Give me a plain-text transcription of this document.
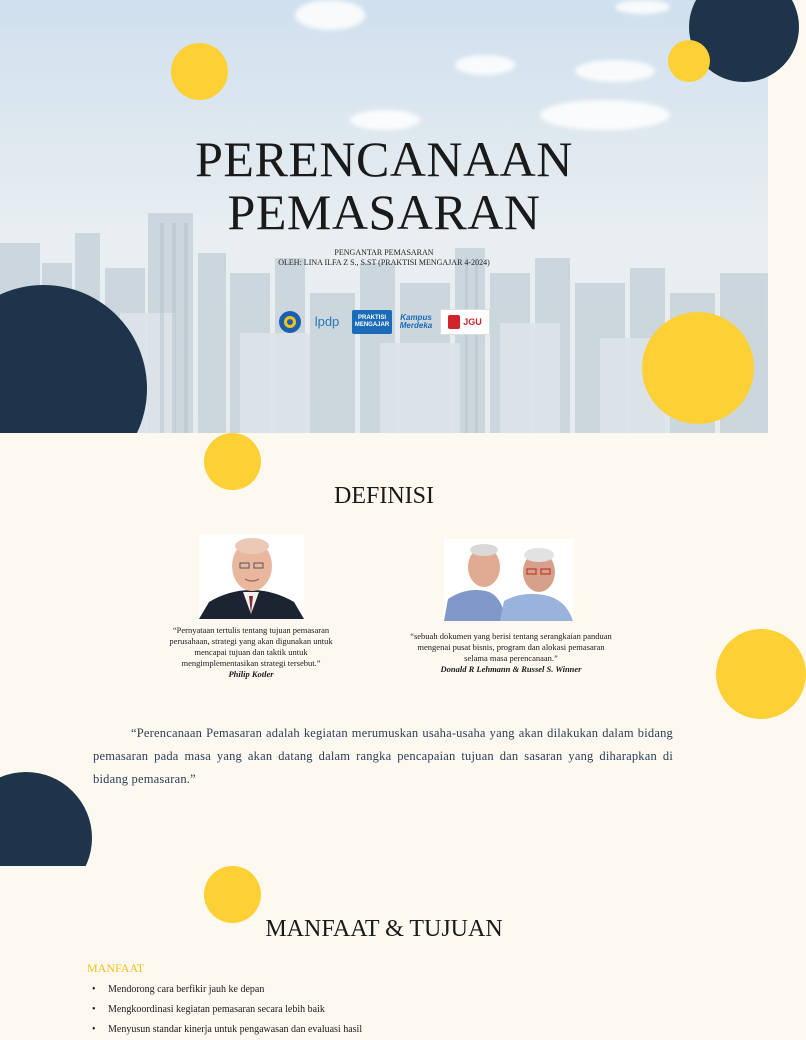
PERENCANAAN
PEMASARAN
PENGANTAR PEMASARAN
OLEH: LINA ILFA Z S., S.ST (PRAKTISI MENGAJAR 4-2024)
lpdp	PRAKTISI MENGAJAR
Kampus Merdeka	JGU
DEFINISI
“Pernyataan tertulis tentang tujuan pemasaran perusahaan, strategi yang akan digunakan untuk mencapai tujuan dan taktik untuk mengimplementasikan strategi tersebut.”
Philip Kotler
“sebuah dokumen yang berisi tentang serangkaian panduan mengenai pusat bisnis, program dan alokasi pemasaran selama masa perencanaan.”
Donald R Lehmann & Russel S. Winner
“Perencanaan Pemasaran adalah kegiatan merumuskan usaha-usaha yang akan dilakukan dalam bidang pemasaran pada masa yang akan datang dalam rangka pencapaian tujuan dan sasaran yang diharapkan di bidang pemasaran.”
MANFAAT & TUJUAN
MANFAAT
• Mendorong cara berfikir jauh ke depan
• Mengkoordinasi kegiatan pemasaran secara lebih baik
• Menyusun standar kinerja untuk pengawasan dan evaluasi hasil
